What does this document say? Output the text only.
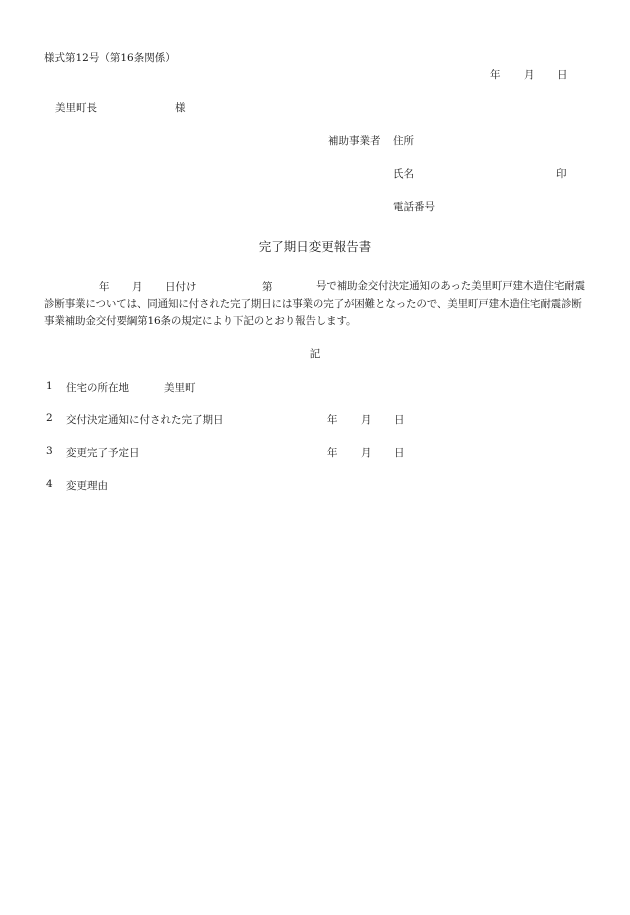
様式第12号（第16条関係）
年 月 日
美里町長	様
補助事業者 住所
氏名	印
電話番号
完了期日変更報告書
年 月 日付け	第	号で補助金交付決定通知のあった美里町戸建木造住宅耐震診断事業については、同通知に付された完了期日には事業の完了が困難となったので、美里町戸建木造住宅耐震診断事業補助金交付要綱第16条の規定により下記のとおり報告します。
記
1 住宅の所在地	美里町
2 交付決定通知に付された完了期日	年 月 日
3 変更完了予定日	年 月 日
4 変更理由
